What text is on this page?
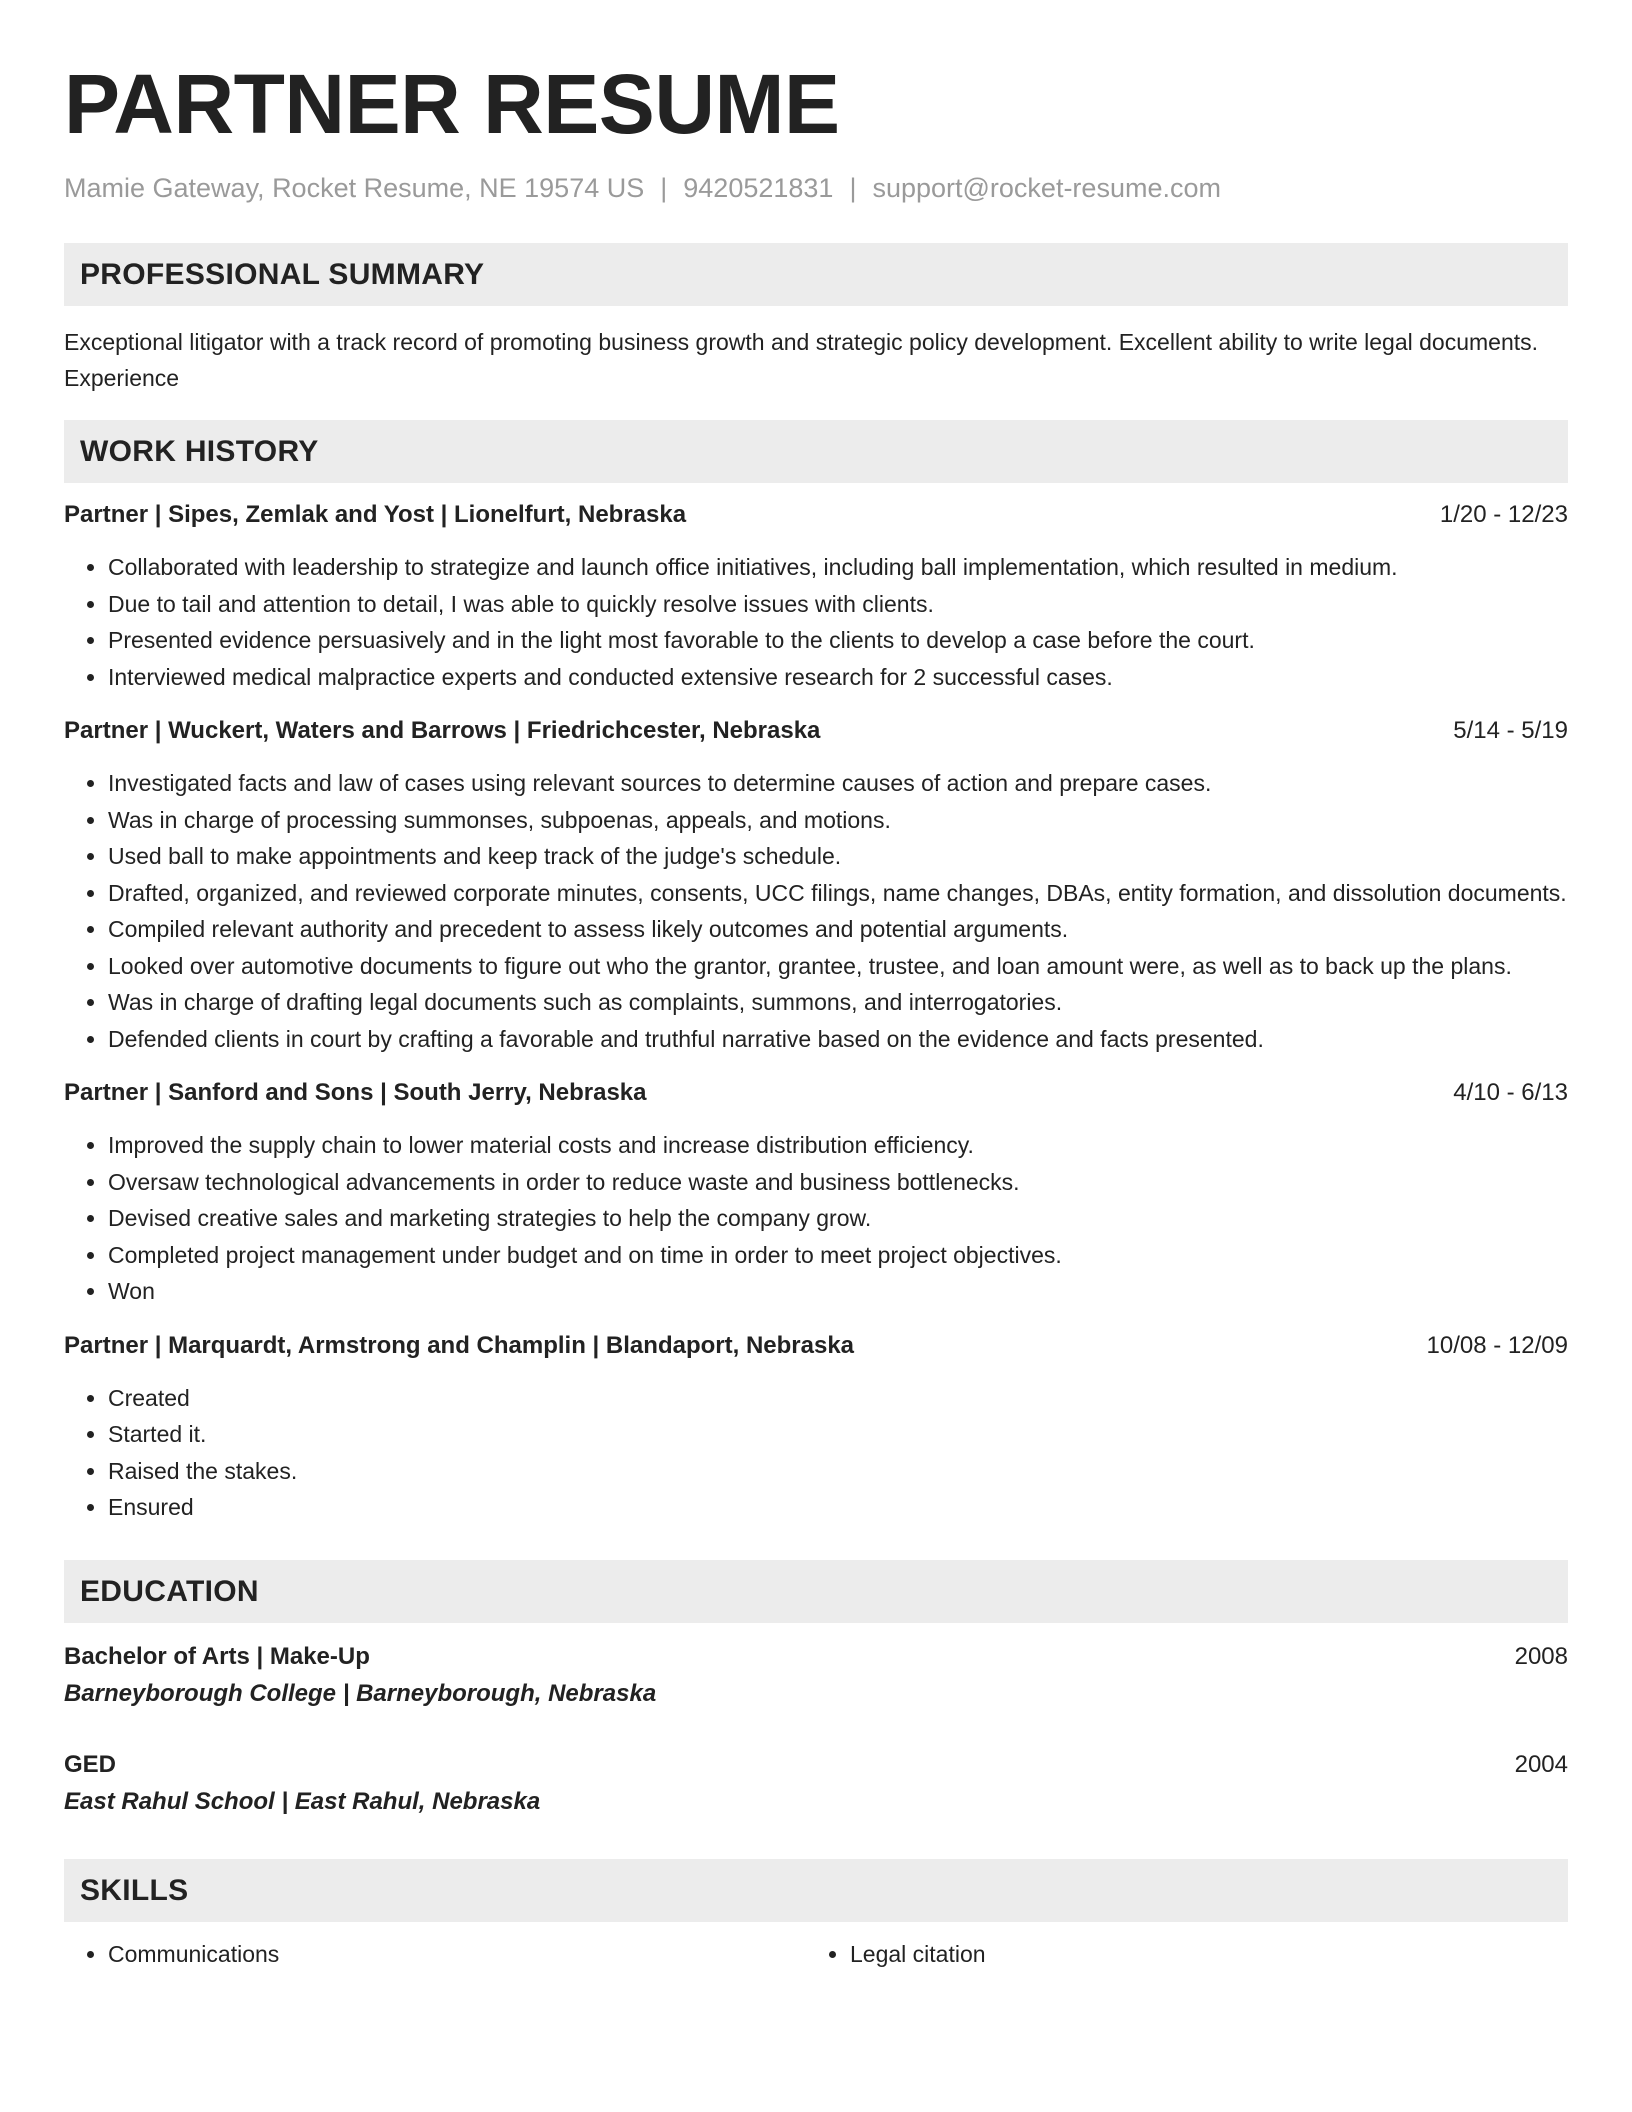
PARTNER RESUME
Mamie Gateway, Rocket Resume, NE 19574 US | 9420521831 | support@rocket-resume.com
PROFESSIONAL SUMMARY

Exceptional litigator with a track record of promoting business growth and strategic policy development. Excellent ability to write legal documents. Experience

WORK HISTORY
Partner | Sipes, Zemlak and Yost | Lionelfurt, Nebraska	1/20 - 12/23
• Collaborated with leadership to strategize and launch office initiatives, including ball implementation, which resulted in medium.
• Due to tail and attention to detail, I was able to quickly resolve issues with clients.
• Presented evidence persuasively and in the light most favorable to the clients to develop a case before the court.
• Interviewed medical malpractice experts and conducted extensive research for 2 successful cases.
Partner | Wuckert, Waters and Barrows | Friedrichcester, Nebraska	5/14 - 5/19
• Investigated facts and law of cases using relevant sources to determine causes of action and prepare cases.
• Was in charge of processing summonses, subpoenas, appeals, and motions.
• Used ball to make appointments and keep track of the judge's schedule.
• Drafted, organized, and reviewed corporate minutes, consents, UCC filings, name changes, DBAs, entity formation, and dissolution documents.
• Compiled relevant authority and precedent to assess likely outcomes and potential arguments.
• Looked over automotive documents to figure out who the grantor, grantee, trustee, and loan amount were, as well as to back up the plans.
• Was in charge of drafting legal documents such as complaints, summons, and interrogatories.
• Defended clients in court by crafting a favorable and truthful narrative based on the evidence and facts presented.
Partner | Sanford and Sons | South Jerry, Nebraska	4/10 - 6/13
• Improved the supply chain to lower material costs and increase distribution efficiency.
• Oversaw technological advancements in order to reduce waste and business bottlenecks.
• Devised creative sales and marketing strategies to help the company grow.
• Completed project management under budget and on time in order to meet project objectives.
• Won
Partner | Marquardt, Armstrong and Champlin | Blandaport, Nebraska	10/08 - 12/09
• Created
• Started it.
• Raised the stakes.
• Ensured
EDUCATION
Bachelor of Arts | Make-Up	2008
Barneyborough College | Barneyborough, Nebraska
GED	2004
East Rahul School | East Rahul, Nebraska
SKILLS
• Communications
•	Legal citation
